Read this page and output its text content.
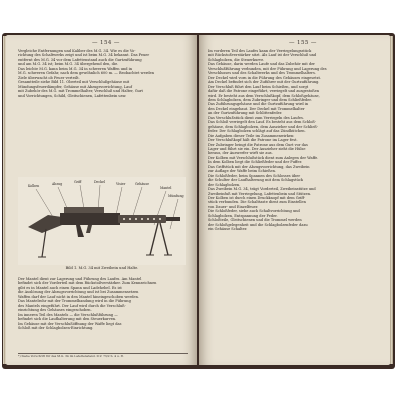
— 154 —
Vergleiche Entfernungen und Kaliber des M.G. 34. Wie es die Vo-
richtung des Schaltwerks zeigt und ist beim M.G. 34 bekannt. Das Feuer
entfernt des M.G. 34 vor dem Lafettenstand auch die Gurtzuführung
und am M.G. 34 ist; beim M.G. 34 übergehend den, die.
Das leichte M.G. kann beim M.G. 34 in schweren Waffen und in
M.G. schweren Gefahr, nach dem gewöhnlich 600 m. — Beobachtet werden
Ziele überwacht ob Feuer verteilt.
Gesamtteile siehe Bild 11. Oberteil mit Verschlußgehäuse mit
Mündungsfeuerdämpfer, Gehäuse mit Abzugsvorrichtung, Lauf
mit Zubehör des M.G. mit Trommelhalter, Verschluß und Halter, Gurt
und Vorrichtungen, Schild, Gleitschienen, Lafettenbein usw.
Kolben	Abzug	Griff	Deckel	Visier	Gehäuse
Mantel
Mündung
Bild 1. M.G. 34 mit Zweibein und Halte.
Der Mantel dient zur Lagerung und Führung des Laufes. Am Mantel
befindet sich der Vorderteil mit dem Rückstoßverstärker. Zum Kennzeichnen
gibt es in Mantel auch einen Spann und Ladehebel. Es ist
die Auslösung der Abzugsvorrichtung und ist bei Zusammensetzen
Waffen darf der Lauf nicht in den Mantel hineingeschoben werden.
Das Mantelrohr mit der Trommelbandung wird in die Führung
des Mantels eingeführt. Der Lauf wird durch die Verschluß-
einrichtung des Gehäuses eingeschoben.
Im inneren Teil des Mantels — die Verschlußführung —
befindet sich die Laufhalterung mit den Steuerkurven.
Im Gehäuse mit der Verschlußöffnung der Waffe liegt das
Schloß mit der Schlagbolzen-Einrichtung.
*) Siehe Vorschrift für das M.G. 34 im Lafettenstand. D.V. 73/2 S. 4 u. ff.
— 155 —
Im vorderen Teil des Laufes kann der Verriegelungsstück
mit Rückstoßverstärker sitzt. Als Lauf ist der Verschluß und
Schlagbolzen, die Steuerkurve.
Das Gehäuse, darin werden Laufe und das Zubehör mit der
Verschlußführung verbunden, mit der Führung und Lagerung des
Verschlusses und des Schaltwerks und des Trommelhalters.
Der Deckel wird vorn in die Führung des Gehäuses eingesetzt.
Am Deckel befindet sich der Zuführer mit der Gurtzuführung.
Der Verschluß führt den Lauf beim Schießen, und sorgt
dafür daß die Patrone eingeführt, verriegelt und ausgestoßen
wird. Er besteht aus dem Verschlußkopf, dem Schloßgehäuse,
dem Schlagbolzen, dem Zubringer und dem Schließfeder.
Das Zuführungsgehäuse und die Gurtzuführung wird in
den Deckel eingebaut. Der Deckel mit Trommelhalter
an der Gurtzuführung mit Schlittenfeder.
Das Verschlußstück dient zum Verriegeln des Laufes.
Das Schloß verriegelt den Lauf. Es besteht aus dem Schloß-
gehäuse, dem Schlagbolzen, dem Auszieher und der Schließ-
feder. Der Schlagbolzen schlägt auf das Zündhütchen.
Die Aufgaben dieser Teile im Zusammenwirken:
Der Verschlußkopf hält die Patrone im Lager fest.
Der Zubringer bringt die Patrone aus dem Gurt vor das
Lager und führt sie ein. Der Auszieher zieht die Hülse
heraus, der Auswerfer wirft sie aus.
Der Kolben mit Verschlußstück dient zum Anlegen der Waffe.
In dem Kolben liegt die Schließfeder und der Puffer.
Das Griffstück mit der Abzugsvorrichtung, das Zweibein
zur Auflage der Waffe beim Schießen.
Die Schloßfeder, beim Spannen des Schlosses über
die Schulter der Laufhalterung mit dem Schlagstück
der Schlagbolzen.
Das Zweibein M.G. 34, trägt Vorderteil, Zweibeinstütze und
Zweibeinfuß mit Verriegelung, Lafettenbein und Stützen.
Der Kolben ist durch einen Druckknopf mit dem Griff-
stück verbunden. Die Schalttaste dient zum Einstellen
von Dauer- und Einzelfeuer.
Die Schloßfeder, siehe auch Schaltvorrichtung und
Schlagbolzen, Entspannung der Feder.
Schloßteile, Gleitschienen und die Trommel werden
der Schloßgelegenheit und die Schlagbolzenfeder dazu
ein Gehäuse Schalter.
